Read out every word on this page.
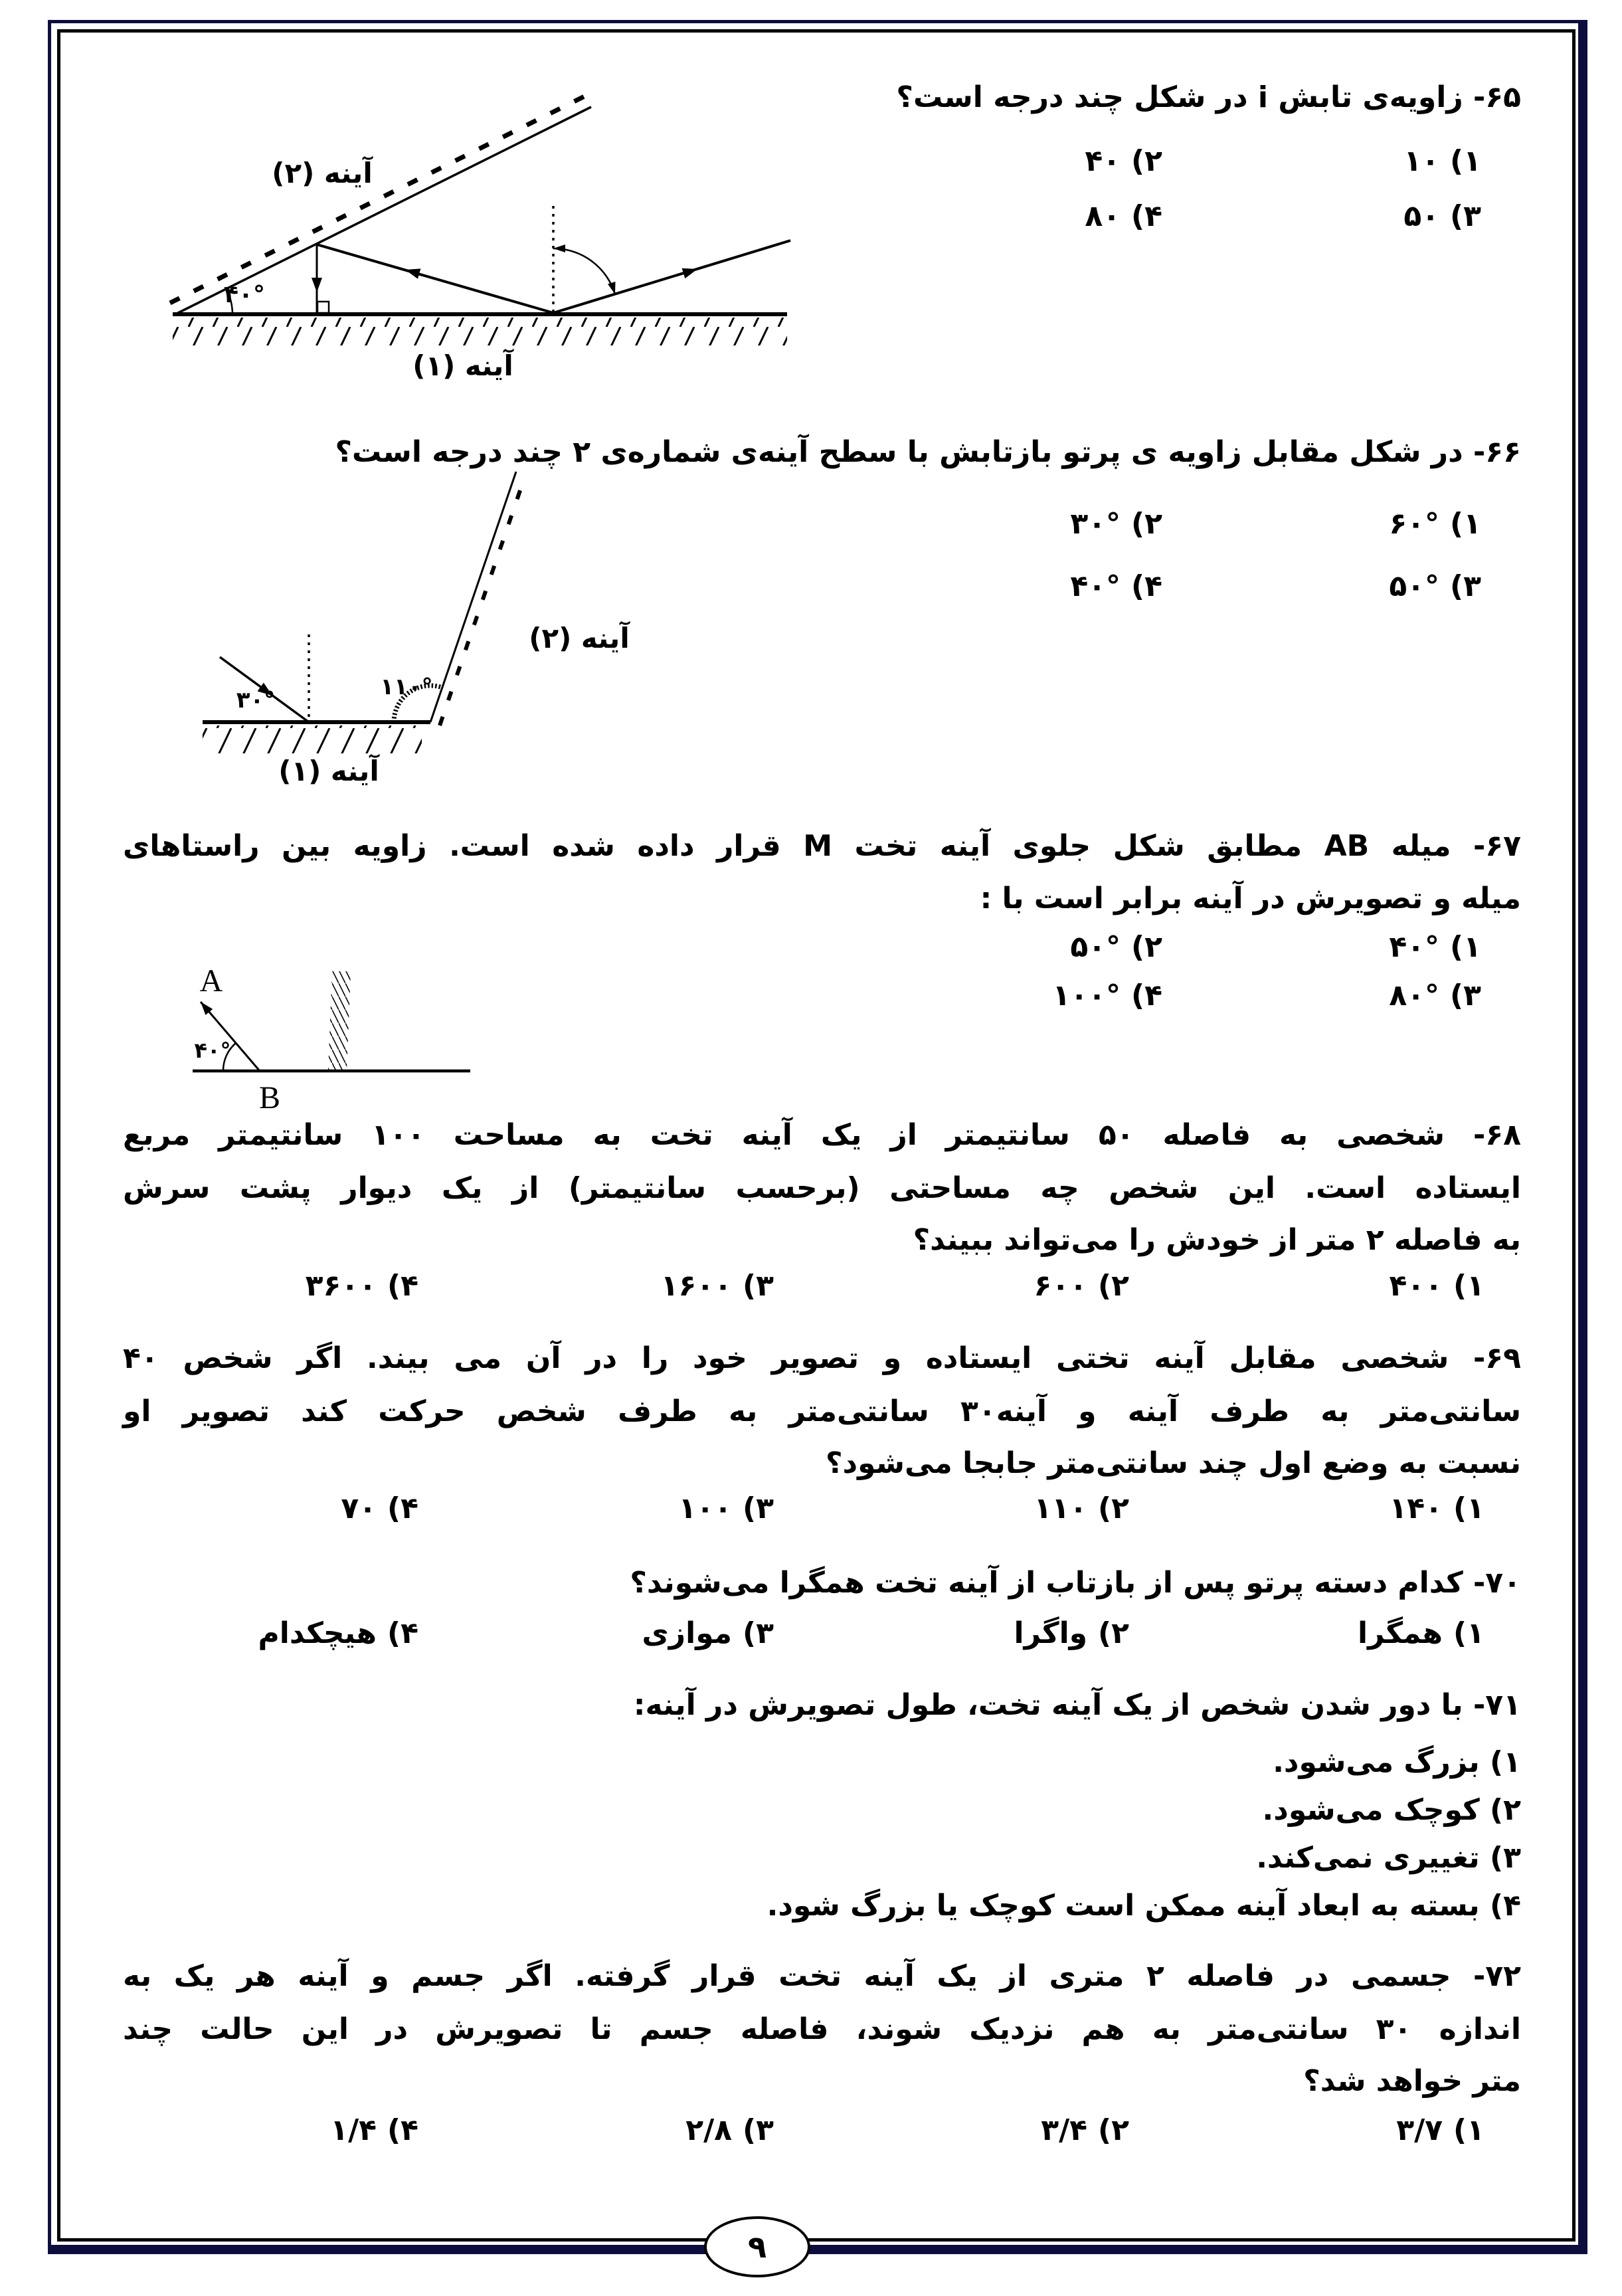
۶۵- زاویه‌ی تابش i در شکل چند درجه است؟
۱)۱۰
۲)۴۰
۳)۵۰
۴)۸۰
۴۰°
آینه (۲)
آینه (۱)
۶۶- در شکل مقابل زاویه ی پرتو بازتابش با سطح آینه‌ی شماره‌ی ۲ چند درجه است؟
۱)۶۰°
۲)۳۰°
۳)۵۰°
۴)۴۰°
۳۰°	۱۱۰°
آینه (۲)
آینه (۱)
۶۷- میله AB مطابق شکل جلوی آینه تخت M قرار داده شده است. زاویه بین راستاهای
میله و تصویرش در آینه برابر است با :
۱)۴۰°
۲)۵۰°
۳)۸۰°
۴)۱۰۰°
۴۰°
A
B
۶۸- شخصی به فاصله ۵۰ سانتیمتر از یک آینه تخت به مساحت ۱۰۰ سانتیمتر مربع
ایستاده است. این شخص چه مساحتی (برحسب سانتیمتر) از یک دیوار پشت سرش
به فاصله ۲ متر از خودش را می‌تواند ببیند؟
۱)۴۰۰
۲)۶۰۰
۳)۱۶۰۰
۴)۳۶۰۰
۶۹- شخصی مقابل آینه تختی ایستاده و تصویر خود را در آن می بیند. اگر شخص ۴۰
سانتی‌متر به طرف آینه و آینه۳۰ سانتی‌متر به طرف شخص حرکت کند تصویر او
نسبت به وضع اول چند سانتی‌متر جابجا می‌شود؟
۱)۱۴۰
۲)۱۱۰
۳)۱۰۰
۴)۷۰
۷۰- کدام دسته پرتو پس از بازتاب از آینه تخت همگرا می‌شوند؟
۱)همگرا
۲)واگرا
۳)موازی
۴)هیچکدام
۷۱- با دور شدن شخص از یک آینه تخت، طول تصویرش در آینه:
۱) بزرگ می‌شود.
۲) کوچک می‌شود.
۳) تغییری نمی‌کند.
۴) بسته به ابعاد آینه ممکن است کوچک یا بزرگ شود.
۷۲- جسمی در فاصله ۲ متری از یک آینه تخت قرار گرفته. اگر جسم و آینه هر یک به
اندازه ۳۰ سانتی‌متر به هم نزدیک شوند، فاصله جسم تا تصویرش در این حالت چند
متر خواهد شد؟
۱)۳/۷
۲)۳/۴
۳)۲/۸
۴)۱/۴
۹
